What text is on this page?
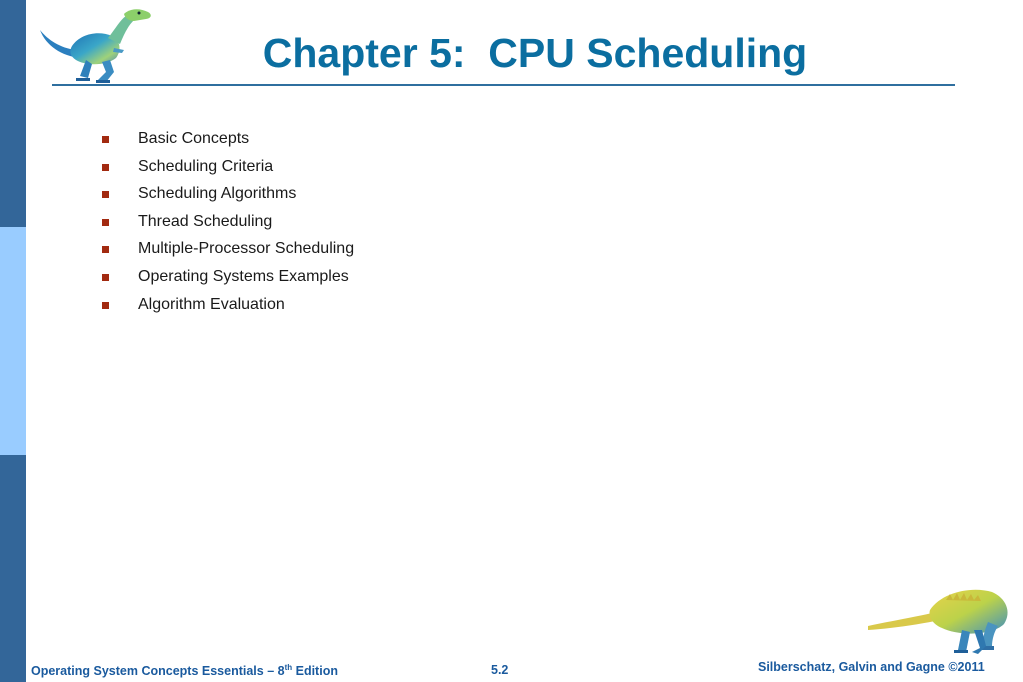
Chapter 5:  CPU Scheduling
Basic Concepts
Scheduling Criteria
Scheduling Algorithms
Thread Scheduling
Multiple-Processor Scheduling
Operating Systems Examples
Algorithm Evaluation
Operating System Concepts Essentials – 8th Edition	5.2	Silberschatz, Galvin and Gagne ©2011
